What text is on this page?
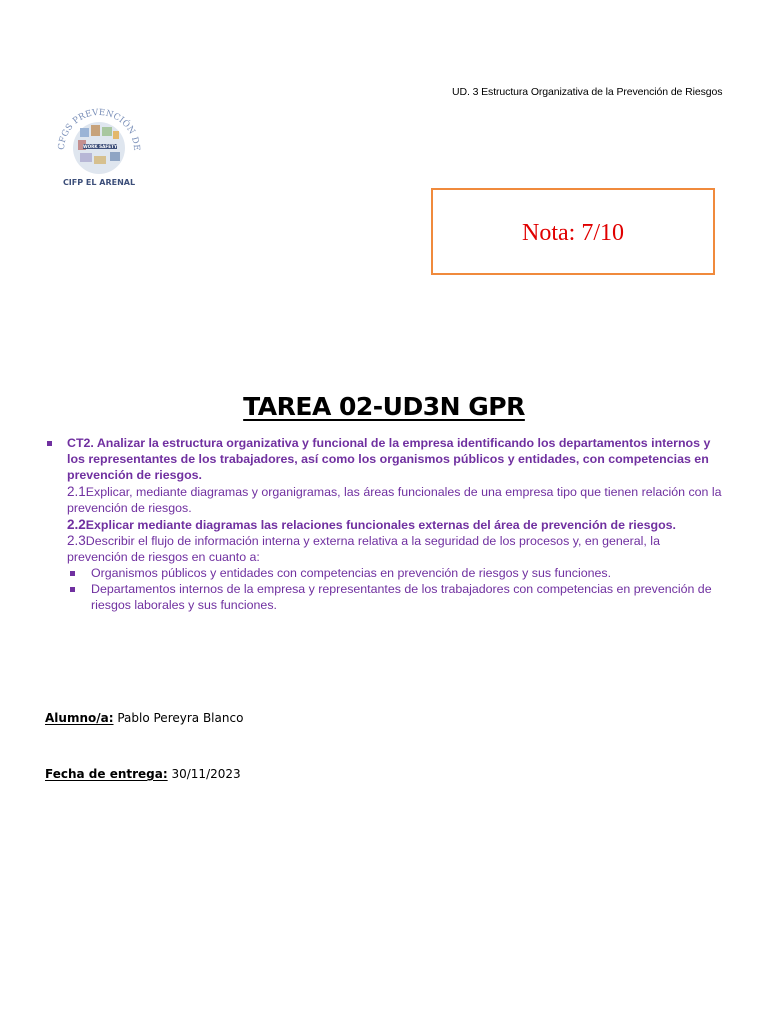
UD. 3 Estructura Organizativa de la Prevención de Riesgos
WORK SAFETY
CFGS PREVENCIÓN DE
CIFP EL ARENAL
Nota: 7/10
TAREA 02-UD3N GPR
CT2. Analizar la estructura organizativa y funcional de la empresa identificando los departamentos internos y los representantes de los trabajadores, así como los organismos públicos y entidades, con competencias en prevención de riesgos.
2.1Explicar, mediante diagramas y organigramas, las áreas funcionales de una empresa tipo que tienen relación con la prevención de riesgos.
2.2Explicar mediante diagramas las relaciones funcionales externas del área de prevención de riesgos.
2.3Describir el flujo de información interna y externa relativa a la seguridad de los procesos y, en general, la prevención de riesgos en cuanto a:
Organismos públicos y entidades con competencias en prevención de riesgos y sus funciones.
Departamentos internos de la empresa y representantes de los trabajadores con competencias en prevención de riesgos laborales y sus funciones.
Alumno/a: Pablo Pereyra Blanco
Fecha de entrega: 30/11/2023
